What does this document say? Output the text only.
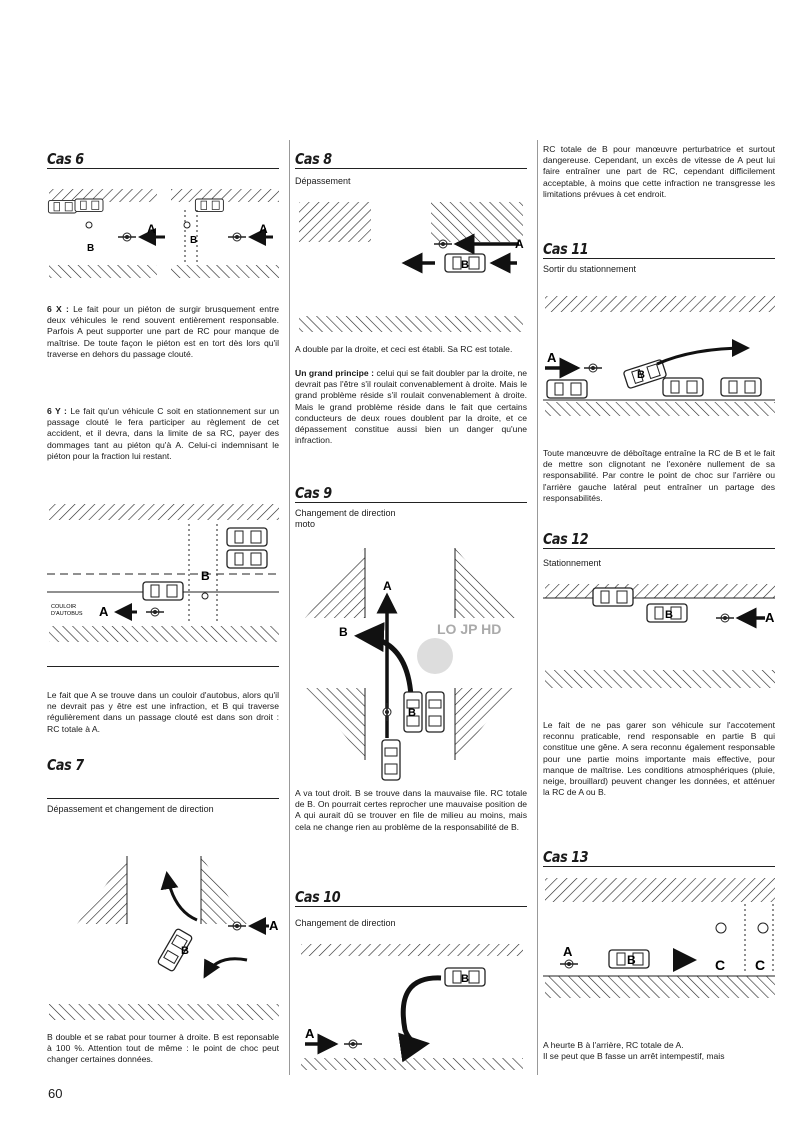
Cas 6
A	A
B
B

6 X : Le fait pour un piéton de surgir brusquement entre deux véhicules le rend souvent entièrement responsable. Parfois A peut supporter une part de RC pour manque de maîtrise. De toute façon le piéton est en tort dès lors qu'il traverse en dehors du passage clouté.

6 Y : Le fait qu'un véhicule C soit en stationnement sur un passage clouté le fera participer au règlement de cet accident, et il devra, dans la limite de sa RC, payer des dommages tant au piéton qu'à A. Celui-ci indemnisant le piéton pour la fraction lui restant.

A
B
COULOIR
D'AUTOBUS

Le fait que A se trouve dans un couloir d'autobus, alors qu'il ne devrait pas y être est une infraction, et B qui traverse régulièrement dans un passage clouté est dans son droit : RC totale à A.

Cas 7
Dépassement et changement de direction
B
A

B double et se rabat pour tourner à droite. B est reponsable à 100 %. Attention tout de même : le point de choc peut changer certaines données.

Cas 8
Dépassement
A
B

A double par la droite, et ceci est établi. Sa RC est totale.

Un grand principe : celui qui se fait doubler par la droite, ne devrait pas l'être s'il roulait convenablement à droite. Mais le grand problème réside s'il roulait convenablement à droite. Mais le grand problème réside dans le fait que certains conducteurs de deux roues doublent par la droite, et ce dépassement constitue aussi bien un danger qu'une infraction.

Cas 9
Changement de direction
moto
LO JP HD
A
B
B

A va tout droit. B se trouve dans la mauvaise file. RC totale de B. On pourrait certes reprocher une mauvaise position de A qui aurait dû se trouver en file de milieu au moins, mais cela ne change rien au problème de la responsabilité de B.

Cas 10
Changement de direction
B
A

RC totale de B pour manœuvre perturbatrice et surtout dangereuse. Cependant, un excès de vitesse de A peut lui faire entraîner une part de RC, cependant difficilement acceptable, à moins que cette infraction ne transgresse les limitations prévues à cet endroit.

Cas 11
Sortir du stationnement
A
B

Toute manœuvre de déboîtage entraîne la RC de B et le fait de mettre son clignotant ne l'exonère nullement de sa responsabilité. Par contre le point de choc sur l'arrière ou l'arrière gauche latéral peut entraîner un partage des responsabilités.

Cas 12
Stationnement
B	A

Le fait de ne pas garer son véhicule sur l'accotement reconnu praticable, rend responsable en partie B qui constitue une gêne. A sera reconnu également responsable pour une partie moins importante mais effective, pour manque de maîtrise. Les conditions atmosphériques (pluie, neige, brouillard) peuvent changer les données, et atténuer la RC de A ou B.

Cas 13
A
B	C C

A heurte B à l'arrière, RC totale de A.
Il se peut que B fasse un arrêt intempestif, mais

60
